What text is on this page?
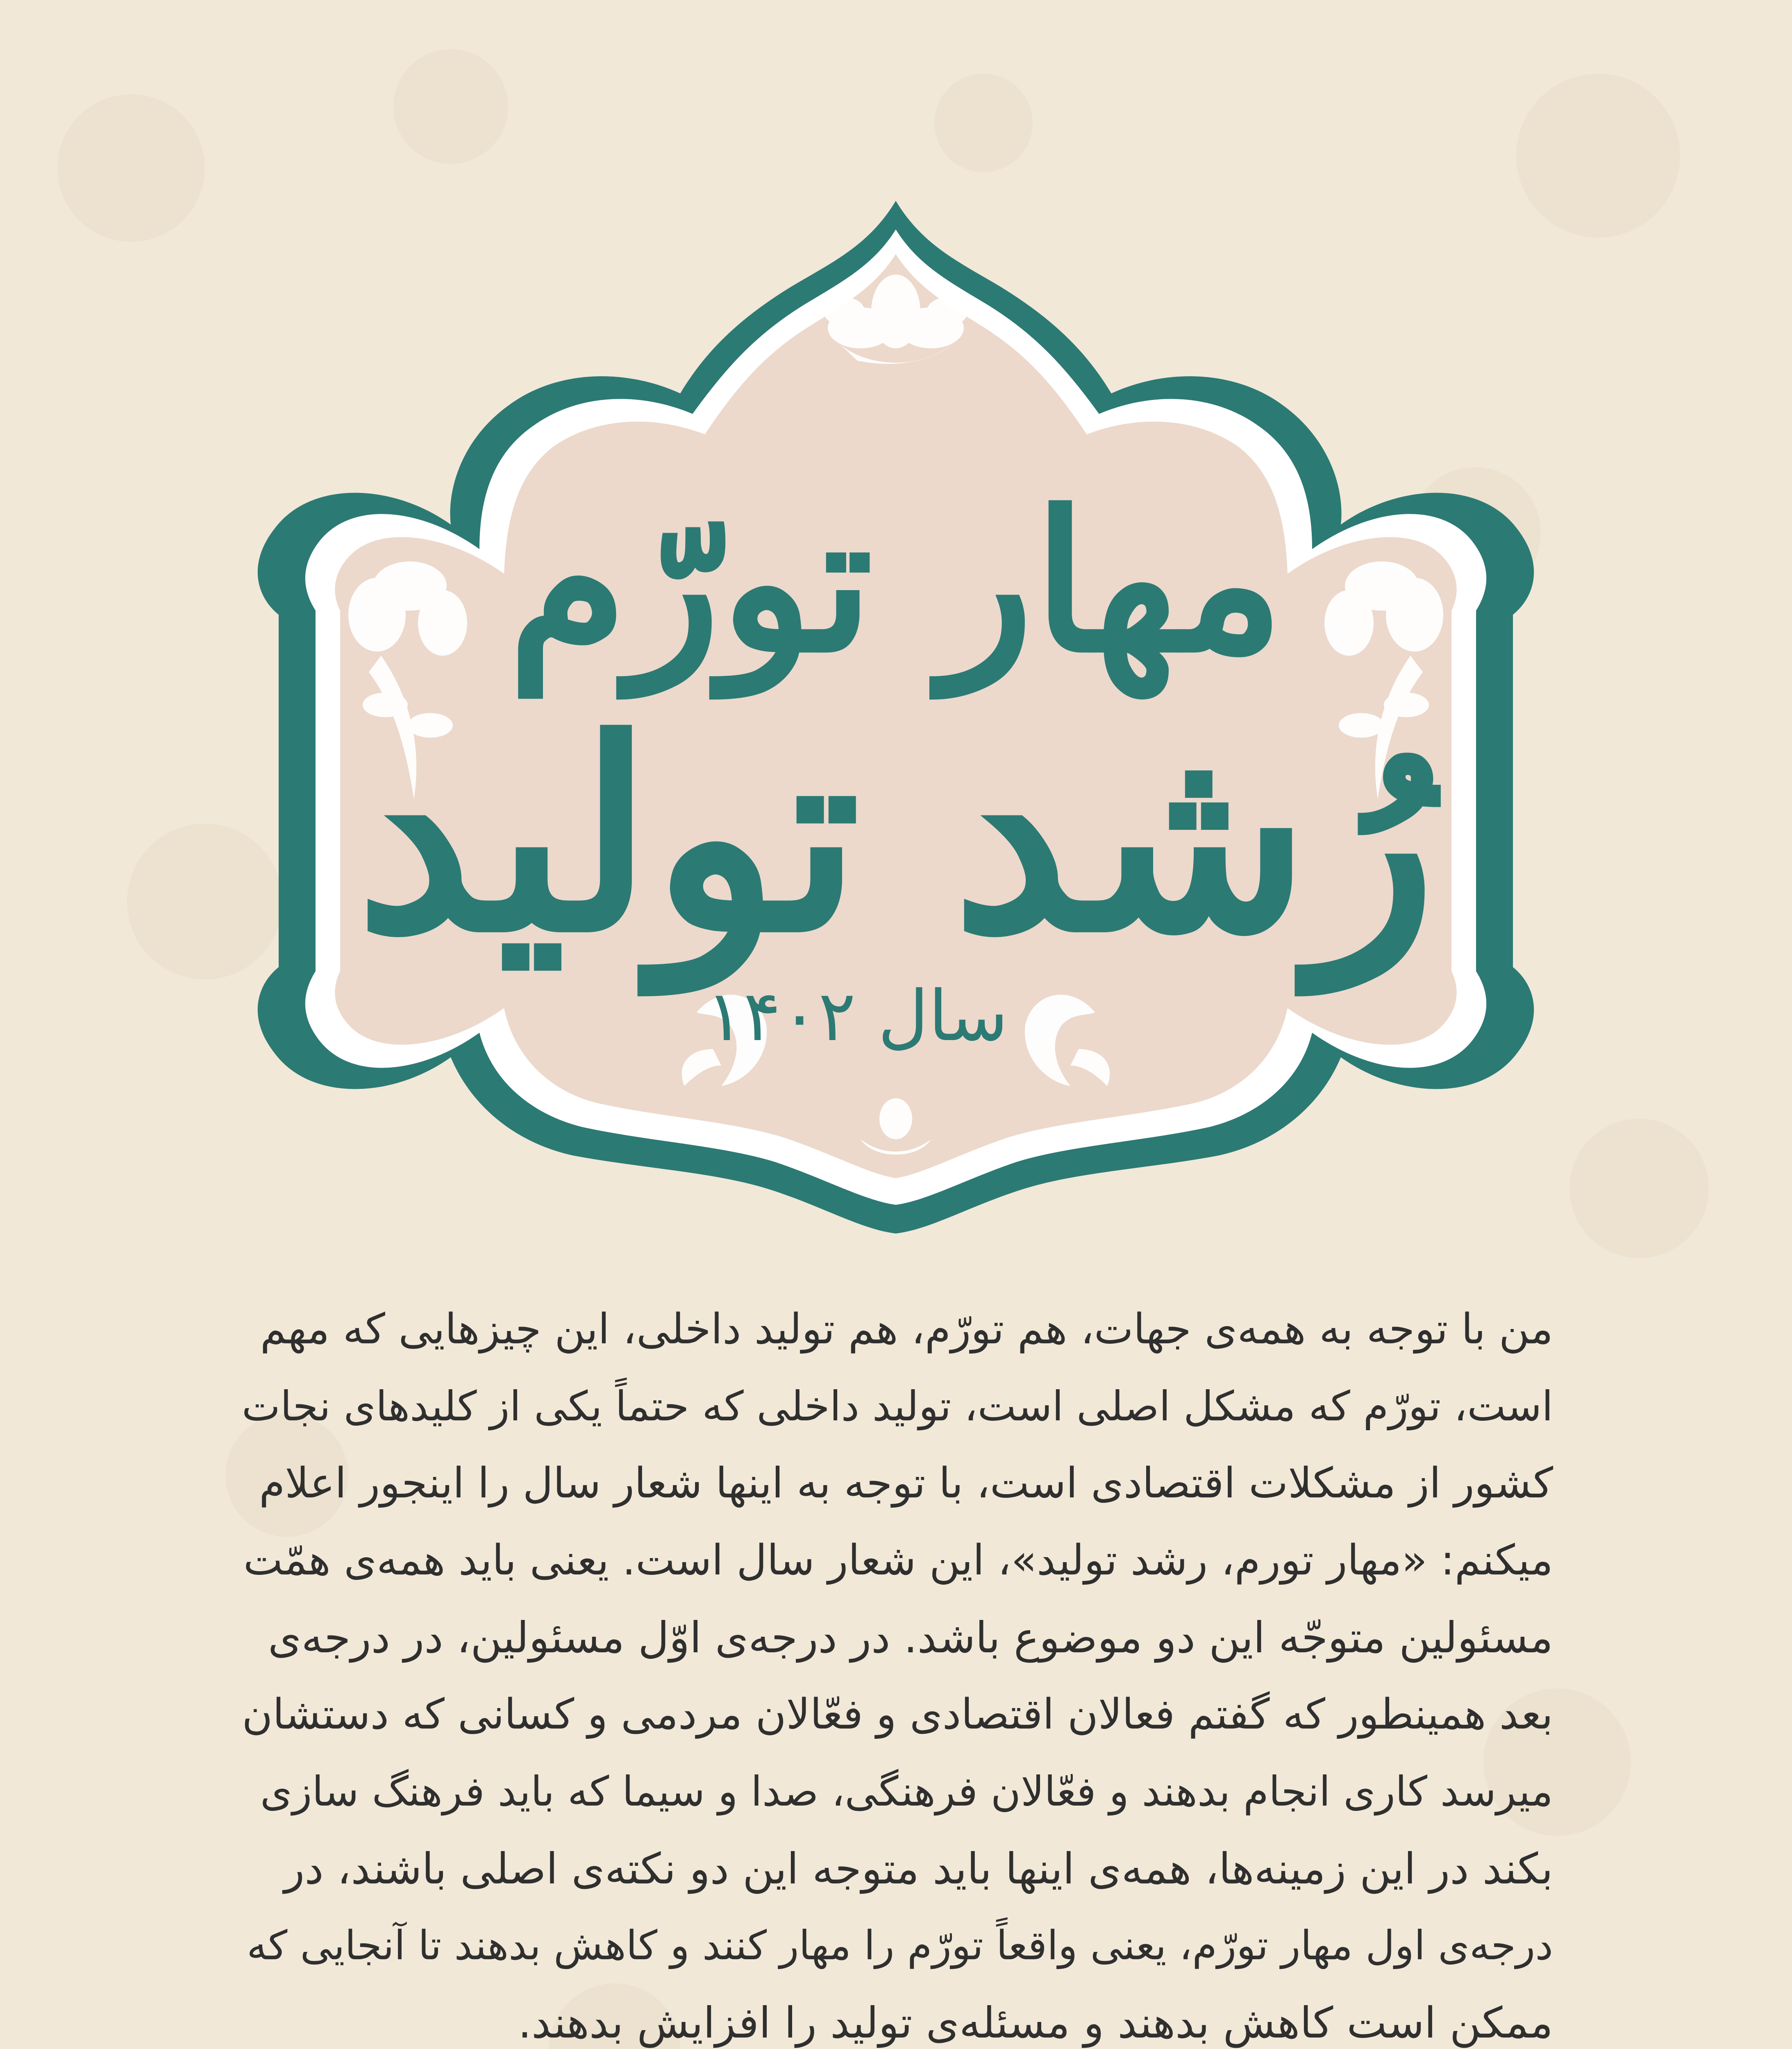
مهار تورّم
رُشد تولید
سال ۱۴۰۲
من با توجه به همه‌ی جهات، هم تورّم، هم تولید داخلی، این چیزهایی که مهم
است، تورّم که مشکل اصلی است، تولید داخلی که حتماً یکی از کلیدهای نجات
کشور از مشکلات اقتصادی است، با توجه به اینها شعار سال را اینجور اعلام
میکنم: «مهار تورم، رشد تولید»، این شعار سال است. یعنی باید همه‌ی همّت
مسئولین متوجّه این دو موضوع باشد. در درجه‌ی اوّل مسئولین، در درجه‌ی
بعد همینطور که گفتم فعالان اقتصادی و فعّالان مردمی و کسانی که دستشان
میرسد کاری انجام بدهند و فعّالان فرهنگی، صدا و سیما که باید فرهنگ سازی
بکند در این زمینه‌ها، همه‌ی اینها باید متوجه این دو نکته‌ی اصلی باشند، در
درجه‌ی اول مهار تورّم، یعنی واقعاً تورّم را مهار کنند و کاهش بدهند تا آنجایی که
ممکن است کاهش بدهند و مسئله‌ی تولید را افزایش بدهند.
